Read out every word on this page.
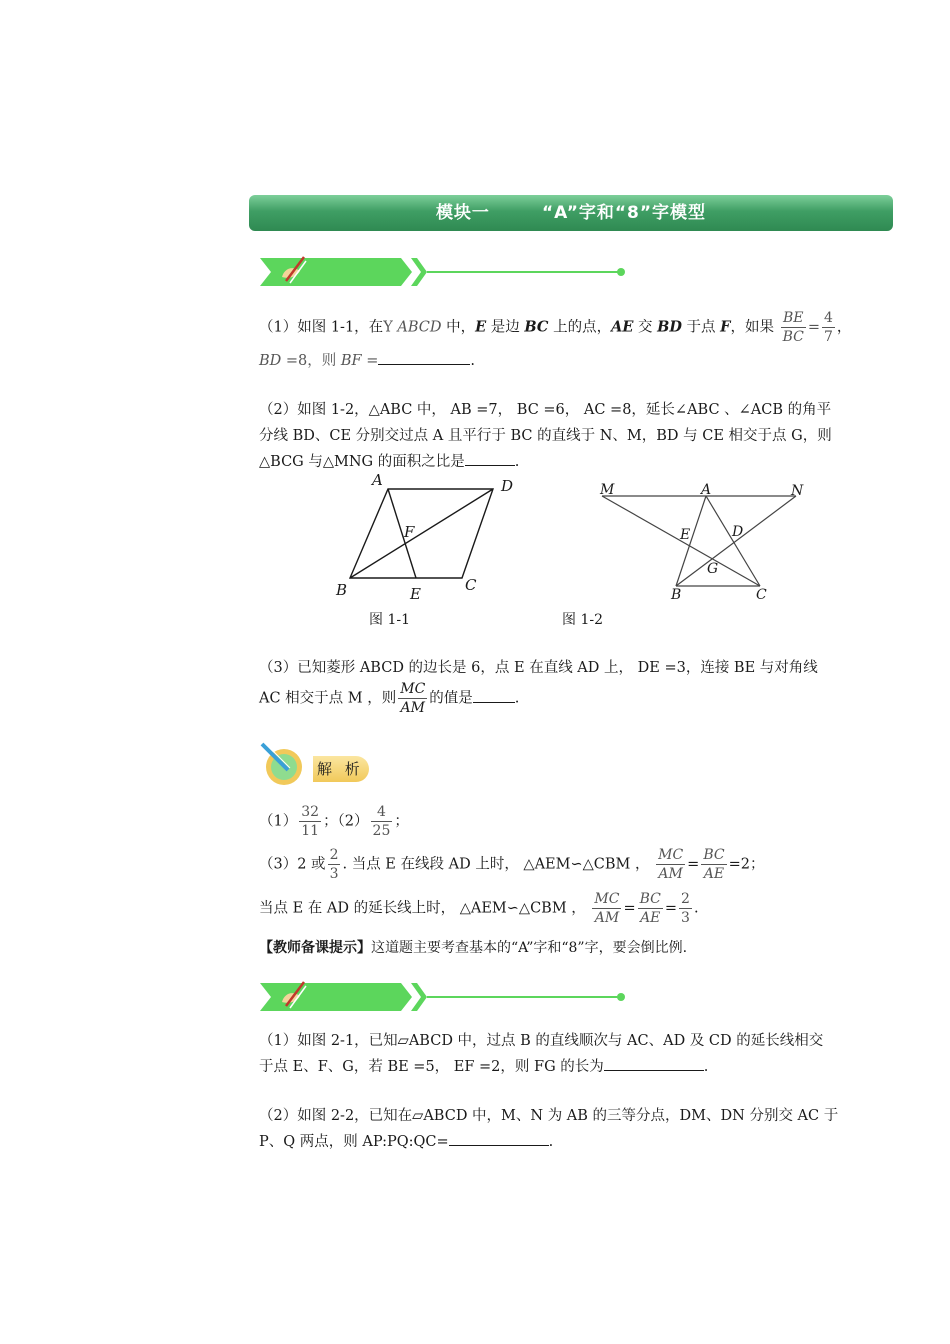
模块一	“A”字和“8”字模型
（1）如图 1-1，在Y ABCD 中，E 是边 BC 上的点，AE 交 BD 于点 F，如果 $\frac{BE}{BC} = \frac{4}{7}$ ，
BD =8，则 BF =	.
（2）如图 1-2，△ABC 中， AB =7， BC =6， AC =8，延长∠ABC 、∠ACB 的角平
分线 BD、CE 分别交过点 A 且平行于 BC 的直线于 N、M，BD 与 CE 相交于点 G，则
△BCG 与△MNG 的面积之比是	.
A	D
F
B	E	C
图 1-1
M	A	N
E	D
G
B	C
图 1-2
（3）已知菱形 ABCD 的边长是 6，点 E 在直线 AD 上， DE =3，连接 BE 与对角线
AC 相交于点 M ，则 $\frac{MC}{AM}$ 的值是	.
解 析
$(1) \frac{32}{11}$ ；$(2) \frac{4}{25}$ ；
（3）2 或 $\frac{2}{3}$ . 当点 E 在线段 AD 上时， △AEM∽△CBM ， $\frac{MC}{AM} = \frac{BC}{AE} =2$；
当点 E 在 AD 的延长线上时， △AEM∽△CBM ， $\frac{MC}{AM} = \frac{BC}{AE} = \frac{2}{3}$ .
【教师备课提示】这道题主要考查基本的“A”字和“8”字，要会倒比例.
（1）如图 2-1，已知▱ABCD 中，过点 B 的直线顺次与 AC、AD 及 CD 的延长线相交
于点 E、F、G，若 BE =5， EF =2，则 FG 的长为	.
（2）如图 2-2，已知在▱ABCD 中，M、N 为 AB 的三等分点，DM、DN 分别交 AC 于
P、Q 两点，则 AP:PQ:QC=	.
